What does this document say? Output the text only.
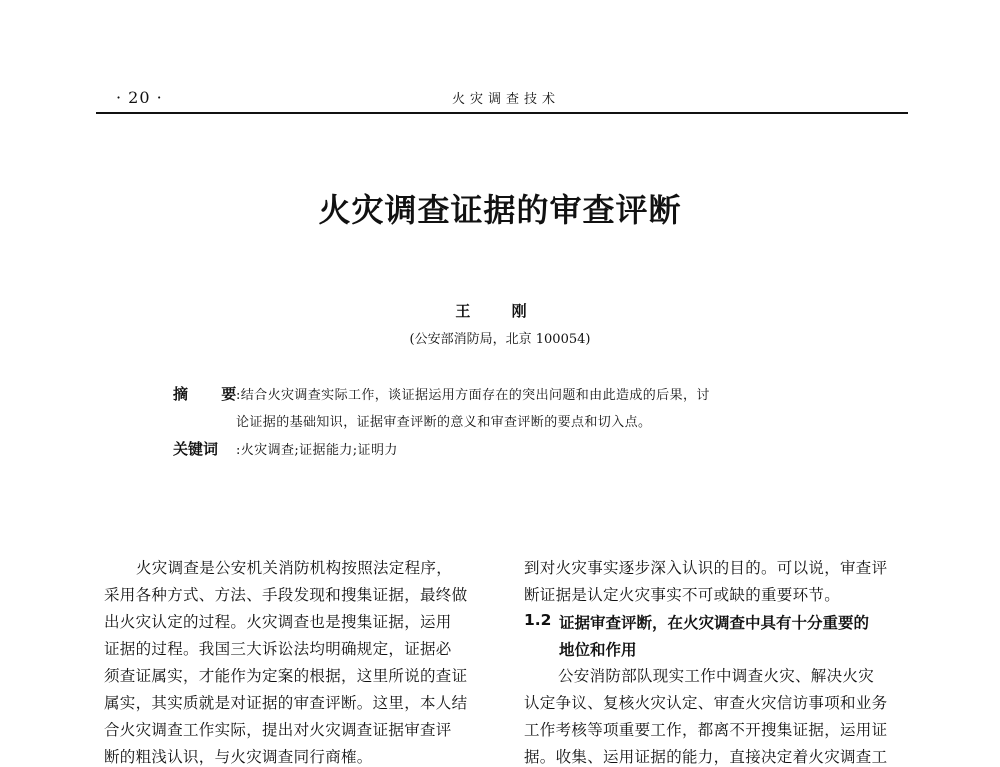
· 20 ·	火灾调查技术
火灾调查证据的审查评断
王 刚
(公安部消防局，北京 100054)
摘 要
:结合火灾调查实际工作，谈证据运用方面存在的突出问题和由此造成的后果，讨
论证据的基础知识，证据审查评断的意义和审查评断的要点和切入点。
关键词 :火灾调查;证据能力;证明力
火灾调查是公安机关消防机构按照法定程序，
采用各种方式、方法、手段发现和搜集证据，最终做
出火灾认定的过程。火灾调查也是搜集证据，运用
证据的过程。我国三大诉讼法均明确规定，证据必
须查证属实，才能作为定案的根据，这里所说的查证
属实，其实质就是对证据的审查评断。这里，本人结
合火灾调查工作实际，提出对火灾调查证据审查评
断的粗浅认识，与火灾调查同行商榷。
到对火灾事实逐步深入认识的目的。可以说，审查评
断证据是认定火灾事实不可或缺的重要环节。
1.2 证据审查评断，在火灾调查中具有十分重要的
地位和作用
公安消防部队现实工作中调查火灾、解决火灾
认定争议、复核火灾认定、审查火灾信访事项和业务
工作考核等项重要工作，都离不开搜集证据，运用证
据。收集、运用证据的能力，直接决定着火灾调查工
